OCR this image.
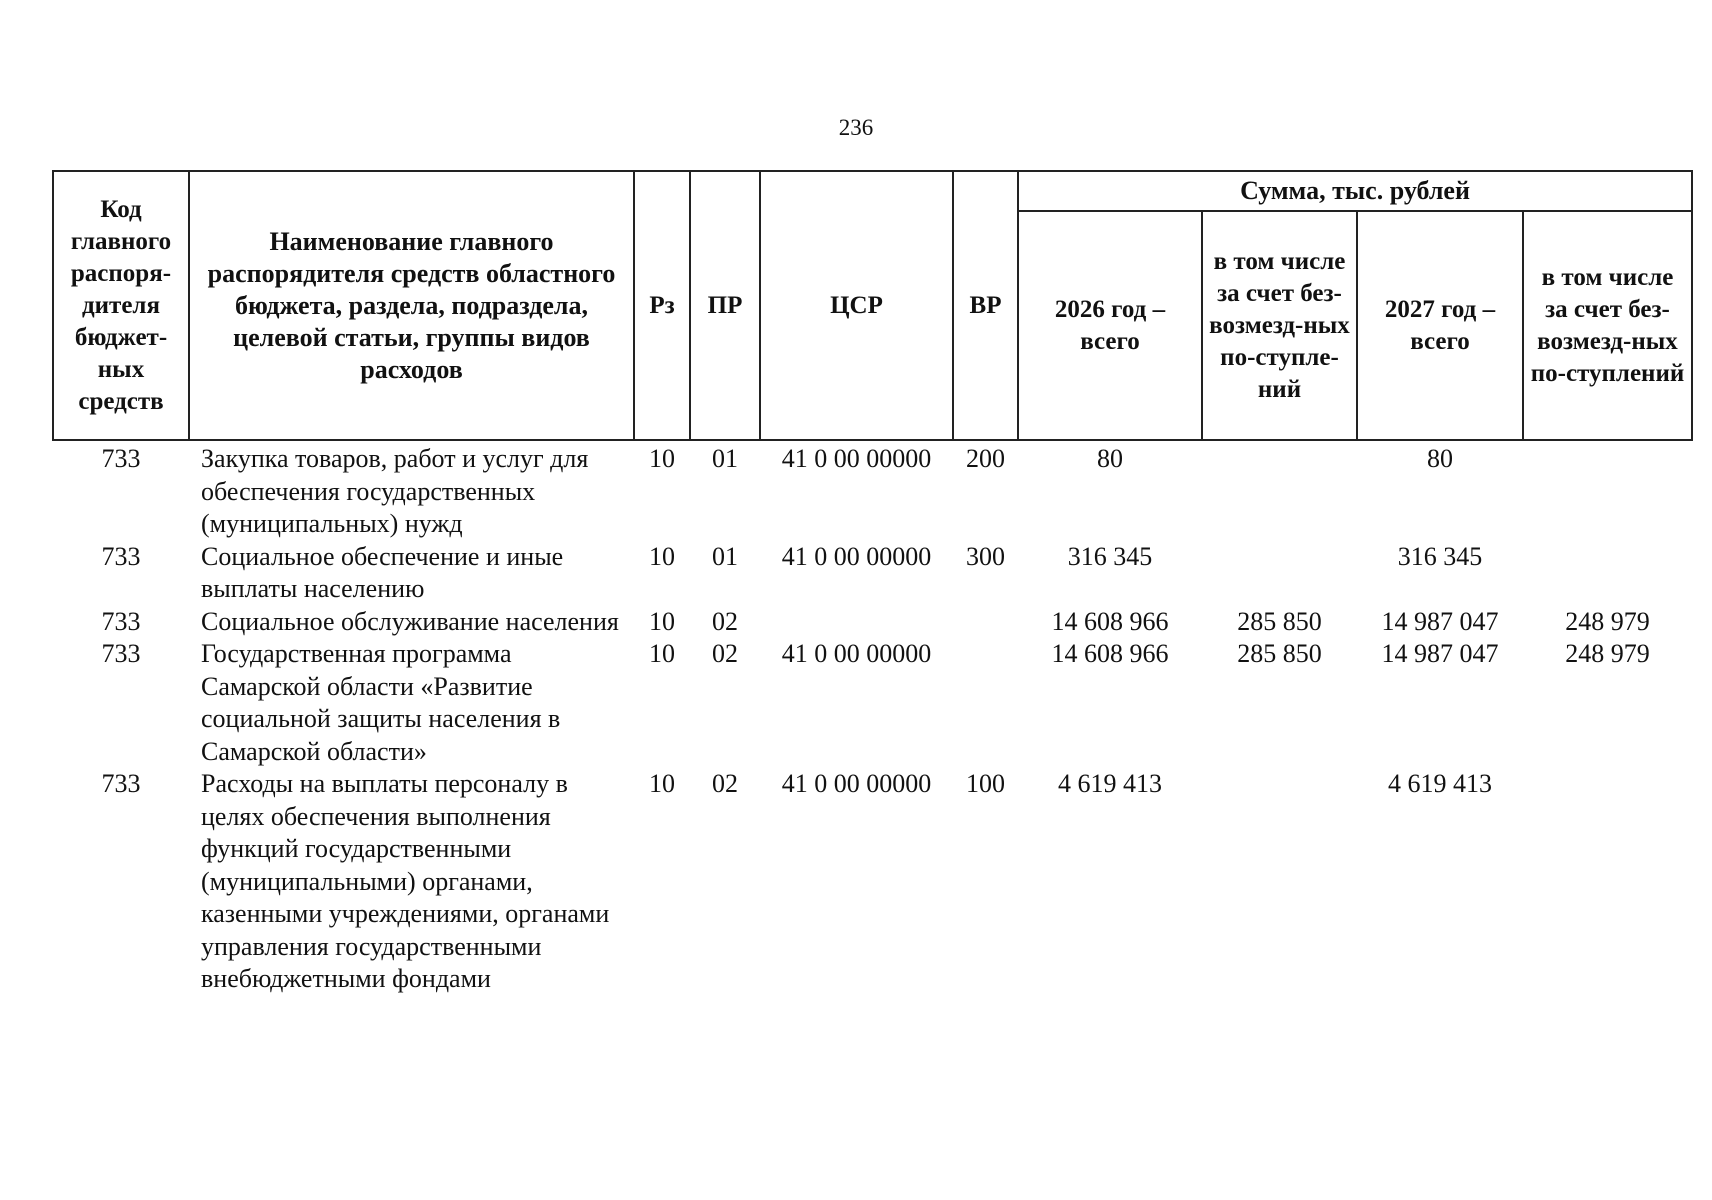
236
Код главного распоря-дителя бюджет-ных средств	Наименование главного распорядителя средств областного бюджета, раздела, подраздела, целевой статьи, группы видов расходов	Рз	ПР	ЦСР	ВР	Сумма, тыс. рублей			
						2026 год – всего	в том числе за счет без-возмезд-ных по-ступле-ний	2027 год – всего	в том числе за счет без-возмезд-ных по-ступлений
733	Закупка товаров, работ и услуг для обеспечения государственных (муниципальных) нужд	10	01	41 0 00 00000	200	80		80	
733	Социальное обеспечение и иные выплаты населению	10	01	41 0 00 00000	300	316 345		316 345	
733	Социальное обслуживание населения	10	02			14 608 966	285 850	14 987 047	248 979
733	Государственная программа Самарской области «Развитие социальной защиты населения в Самарской области»	10	02	41 0 00 00000		14 608 966	285 850	14 987 047	248 979
733	Расходы на выплаты персоналу в целях обеспечения выполнения функций государственными (муниципальными) органами, казенными учреждениями, органами управления государственными внебюджетными фондами	10	02	41 0 00 00000	100	4 619 413		4 619 413	
